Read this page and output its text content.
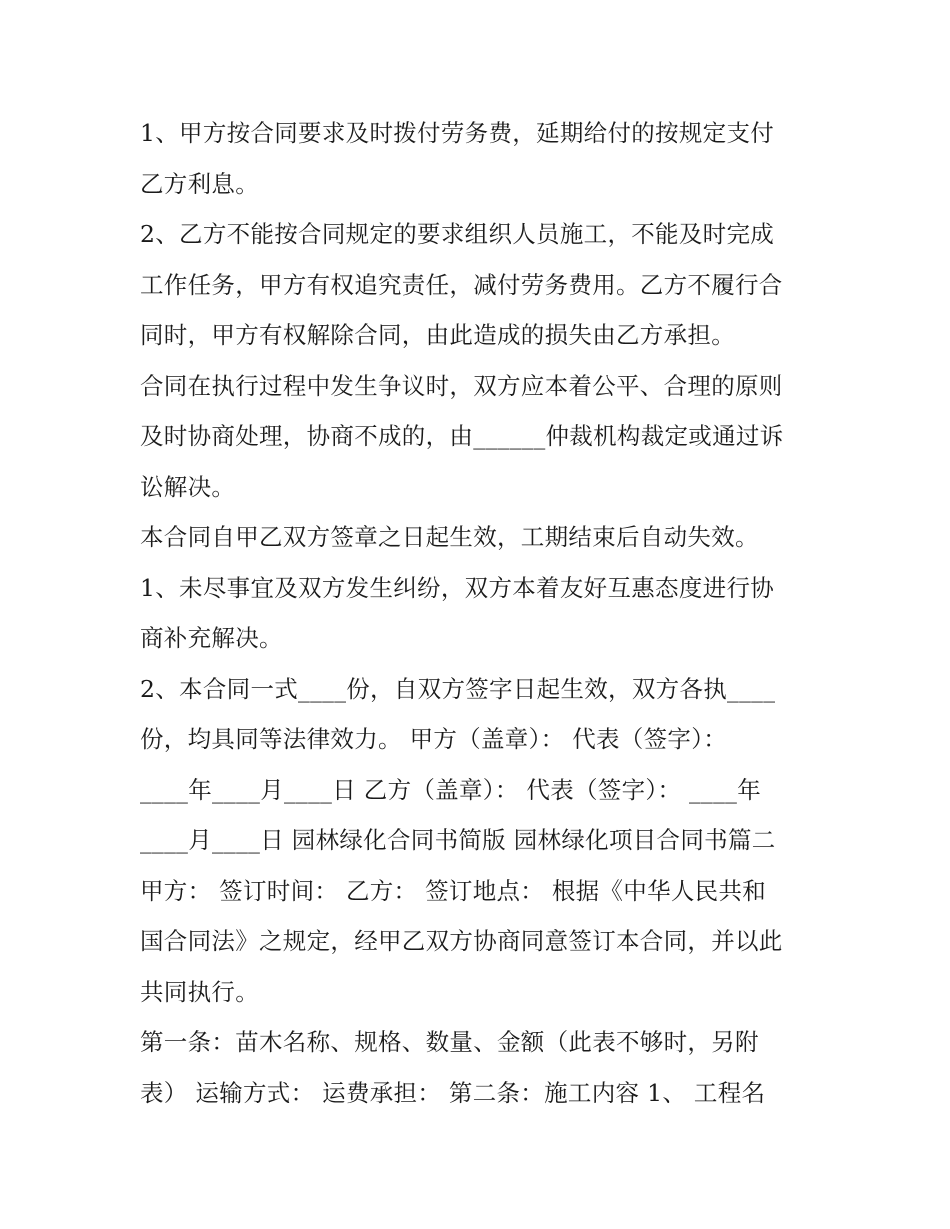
1、甲方按合同要求及时拨付劳务费，延期给付的按规定支付
乙方利息。
2、乙方不能按合同规定的要求组织人员施工，不能及时完成
工作任务，甲方有权追究责任，减付劳务费用。乙方不履行合
同时，甲方有权解除合同，由此造成的损失由乙方承担。
合同在执行过程中发生争议时，双方应本着公平、合理的原则
及时协商处理，协商不成的，由______仲裁机构裁定或通过诉
讼解决。
本合同自甲乙双方签章之日起生效，工期结束后自动失效。
1、未尽事宜及双方发生纠纷，双方本着友好互惠态度进行协
商补充解决。
2、本合同一式____份，自双方签字日起生效，双方各执____
份，均具同等法律效力。 甲方（盖章）： 代表（签字）：
____年____月____日 乙方（盖章）： 代表（签字）： ____年
____月____日 园林绿化合同书简版 园林绿化项目合同书篇二
甲方： 签订时间： 乙方： 签订地点： 根据《中华人民共和
国合同法》之规定，经甲乙双方协商同意签订本合同，并以此
共同执行。
第一条：苗木名称、规格、数量、金额（此表不够时，另附
表） 运输方式： 运费承担： 第二条：施工内容 1、 工程名
